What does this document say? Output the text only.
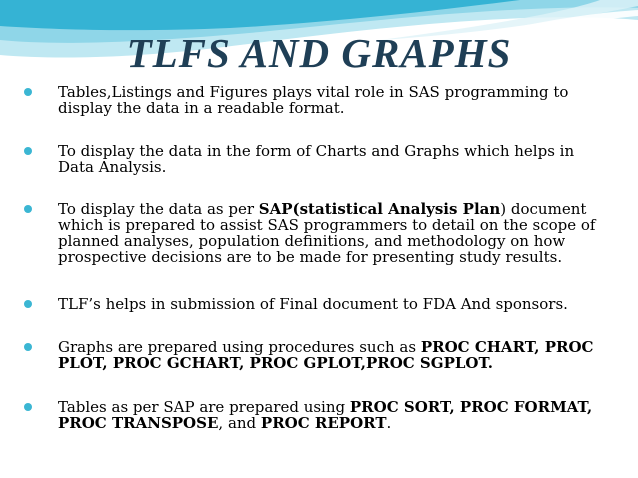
TLFS AND GRAPHS
Tables,Listings and Figures plays vital role in SAS programming to
display the data in a readable format.
To display the data in the form of Charts and Graphs which helps in
Data Analysis.
To display the data as per SAP(statistical Analysis Plan) document
which is prepared to assist SAS programmers to detail on the scope of
planned analyses, population definitions, and methodology on how
prospective decisions are to be made for presenting study results.
TLF’s helps in submission of Final document to FDA And sponsors.
Graphs are prepared using procedures such as PROC CHART, PROC
PLOT, PROC GCHART, PROC GPLOT,PROC SGPLOT.
Tables as per SAP are prepared using PROC SORT, PROC FORMAT,
PROC TRANSPOSE, and PROC REPORT.
